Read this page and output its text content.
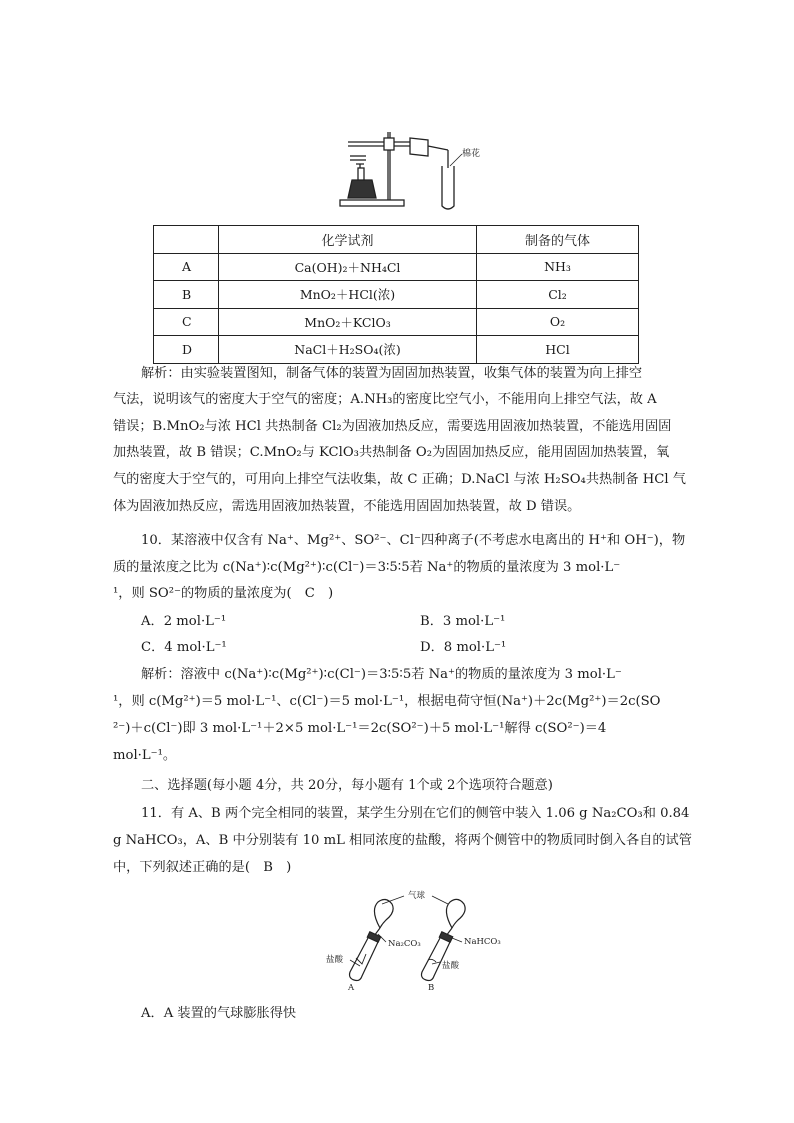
棉花
	化学试剂	制备的气体
A	Ca(OH)₂＋NH₄Cl	NH₃
B	MnO₂＋HCl(浓)	Cl₂
C	MnO₂＋KClO₃	O₂
D	NaCl＋H₂SO₄(浓)	HCl
解析：由实验装置图知，制备气体的装置为固固加热装置，收集气体的装置为向上排空
气法，说明该气的密度大于空气的密度；A.NH₃的密度比空气小，不能用向上排空气法，故 A
错误；B.MnO₂与浓 HCl 共热制备 Cl₂为固液加热反应，需要选用固液加热装置，不能选用固固
加热装置，故 B 错误；C.MnO₂与 KClO₃共热制备 O₂为固固加热反应，能用固固加热装置，氧
气的密度大于空气的，可用向上排空气法收集，故 C 正确；D.NaCl 与浓 H₂SO₄共热制备 HCl 气
体为固液加热反应，需选用固液加热装置，不能选用固固加热装置，故 D 错误。
10．某溶液中仅含有 Na⁺、Mg²⁺、SO²⁻、Cl⁻四种离子(不考虑水电离出的 H⁺和 OH⁻)，物
质的量浓度之比为 c(Na⁺)∶c(Mg²⁺)∶c(Cl⁻)＝3∶5∶5若 Na⁺的物质的量浓度为 3 mol·L⁻
¹，则 SO²⁻的物质的量浓度为(　C　)
A．2 mol·L⁻¹	B．3 mol·L⁻¹
C．4 mol·L⁻¹	D．8 mol·L⁻¹
解析：溶液中 c(Na⁺)∶c(Mg²⁺)∶c(Cl⁻)＝3∶5∶5若 Na⁺的物质的量浓度为 3 mol·L⁻
¹，则 c(Mg²⁺)＝5 mol·L⁻¹、c(Cl⁻)＝5 mol·L⁻¹，根据电荷守恒(Na⁺)＋2c(Mg²⁺)＝2c(SO
²⁻)＋c(Cl⁻)即 3 mol·L⁻¹＋2×5 mol·L⁻¹＝2c(SO²⁻)＋5 mol·L⁻¹解得 c(SO²⁻)＝4
mol·L⁻¹。
二、选择题(每小题 4分，共 20分，每小题有 1个或 2个选项符合题意)
11．有 A、B 两个完全相同的装置，某学生分别在它们的侧管中装入 1.06 g Na₂CO₃和 0.84
g NaHCO₃，A、B 中分别装有 10 mL 相同浓度的盐酸，将两个侧管中的物质同时倒入各自的试管
中，下列叙述正确的是(　B　)
气球
Na₂CO₃	NaHCO₃
盐酸
盐酸
A	B
A．A 装置的气球膨胀得快
